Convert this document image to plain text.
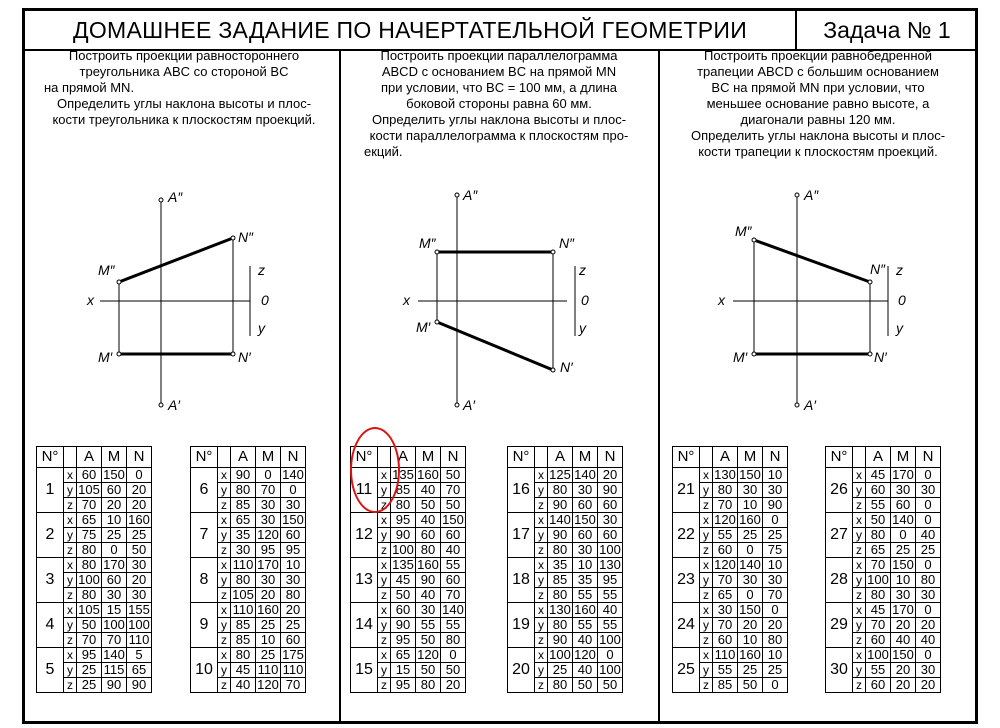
ДОМАШНЕЕ ЗАДАНИЕ ПО НАЧЕРТАТЕЛЬНОЙ ГЕОМЕТРИИ	Задача № 1

Построить проекции равностороннего

треугольника ABC со стороной BC

на прямой MN.

Определить углы наклона высоты и плос-

кости треугольника к плоскостям проекций.

Построить проекции параллелограмма

ABCD с основанием BC на прямой MN

при условии, что BC = 100 мм, а длина

боковой стороны равна 60 мм.

Определить углы наклона высоты и плос-

кости параллелограмма к плоскостям про-

екций.

Построить проекции равнобедренной

трапеции ABCD с большим основанием

BC на прямой MN при условии, что

меньшее основание равно высоте, а

диагонали равны 120 мм.

Определить углы наклона высоты и плос-

кости трапеции к плоскостям проекций.

A″
A′
M″
N″
M′	N′
x
z
0
y
A″
A′
M″	N″
M′
N′
x
z
0
y
A″
A′
M″
N″
M′	N′
x
z
0
y
N°		A	M	N
1	x	60	150	0
	y	105	60	20
	z	70	20	20
2	x	65	10	160
	y	75	25	25
	z	80	0	50
3	x	80	170	30
	y	100	60	20
	z	80	30	30
4	x	105	15	155
	y	50	100	100
	z	70	70	110
5	x	95	140	5
	y	25	115	65
	z	25	90	90
N°		A	M	N
6	x	90	0	140
	y	80	70	0
	z	85	30	30
7	x	65	30	150
	y	35	120	60
	z	30	95	95
8	x	110	170	10
	y	80	30	30
	z	105	20	80
9	x	110	160	20
	y	85	25	25
	z	85	10	60
10	x	80	25	175
	y	45	110	110
	z	40	120	70
N°		A	M	N
11	x	135	160	50
	y	85	40	70
	z	80	50	50
12	x	95	40	150
	y	90	60	60
	z	100	80	40
13	x	135	160	55
	y	45	90	60
	z	50	40	70
14	x	60	30	140
	y	90	55	55
	z	95	50	80
15	x	65	120	0
	y	15	50	50
	z	95	80	20
N°		A	M	N
16	x	125	140	20
	y	80	30	90
	z	90	60	60
17	x	140	150	30
	y	90	60	60
	z	80	30	100
18	x	35	10	130
	y	85	35	95
	z	80	55	55
19	x	130	160	40
	y	80	55	55
	z	90	40	100
20	x	100	120	0
	y	25	40	100
	z	80	50	50
N°		A	M	N
21	x	130	150	10
	y	80	30	30
	z	70	10	90
22	x	120	160	0
	y	55	25	25
	z	60	0	75
23	x	120	140	10
	y	70	30	30
	z	65	0	70
24	x	30	150	0
	y	70	20	20
	z	60	10	80
25	x	110	160	10
	y	55	25	25
	z	85	50	0
N°		A	M	N
26	x	45	170	0
	y	60	30	30
	z	55	60	0
27	x	50	140	0
	y	80	0	40
	z	65	25	25
28	x	70	150	0
	y	100	10	80
	z	80	30	30
29	x	45	170	0
	y	70	20	20
	z	60	40	40
30	x	100	150	0
	y	55	20	30
	z	60	20	20
